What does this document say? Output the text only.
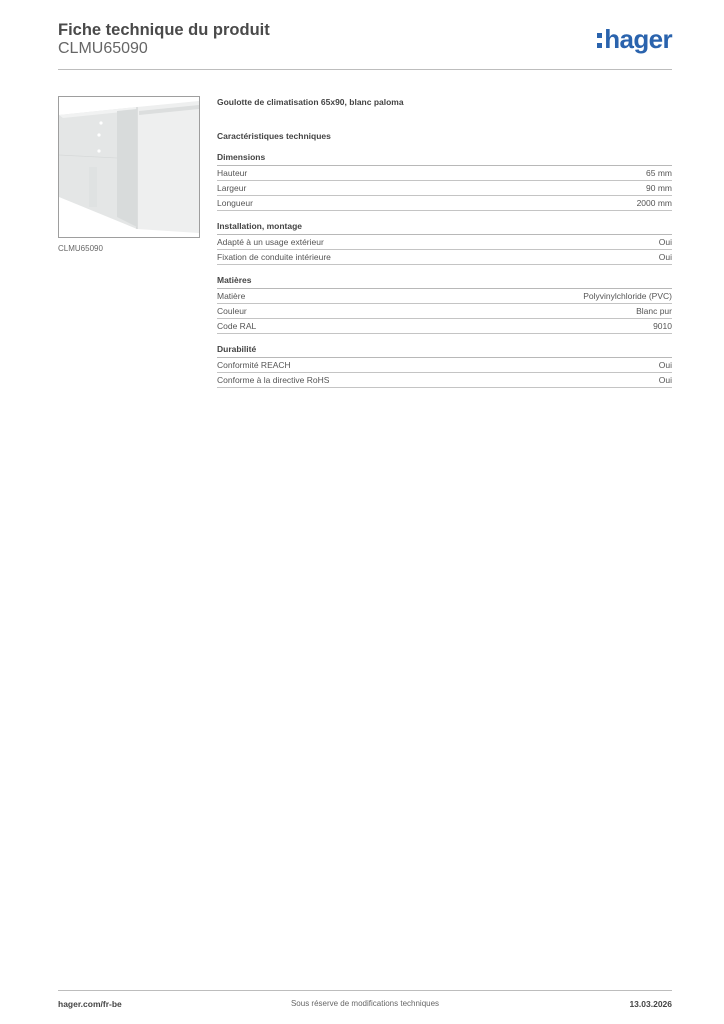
Fiche technique du produit
CLMU65090	hager
CLMU65090
Goulotte de climatisation 65x90, blanc paloma
Caractéristiques techniques
Dimensions
Hauteur	65 mm
Largeur	90 mm
Longueur	2000 mm
Installation, montage
Adapté à un usage extérieur	Oui
Fixation de conduite intérieure	Oui
Matières
Matière	Polyvinylchloride (PVC)
Couleur	Blanc pur
Code RAL	9010
Durabilité
Conformité REACH	Oui
Conforme à la directive RoHS	Oui
hager.com/fr-be	Sous réserve de modifications techniques	13.03.2026
